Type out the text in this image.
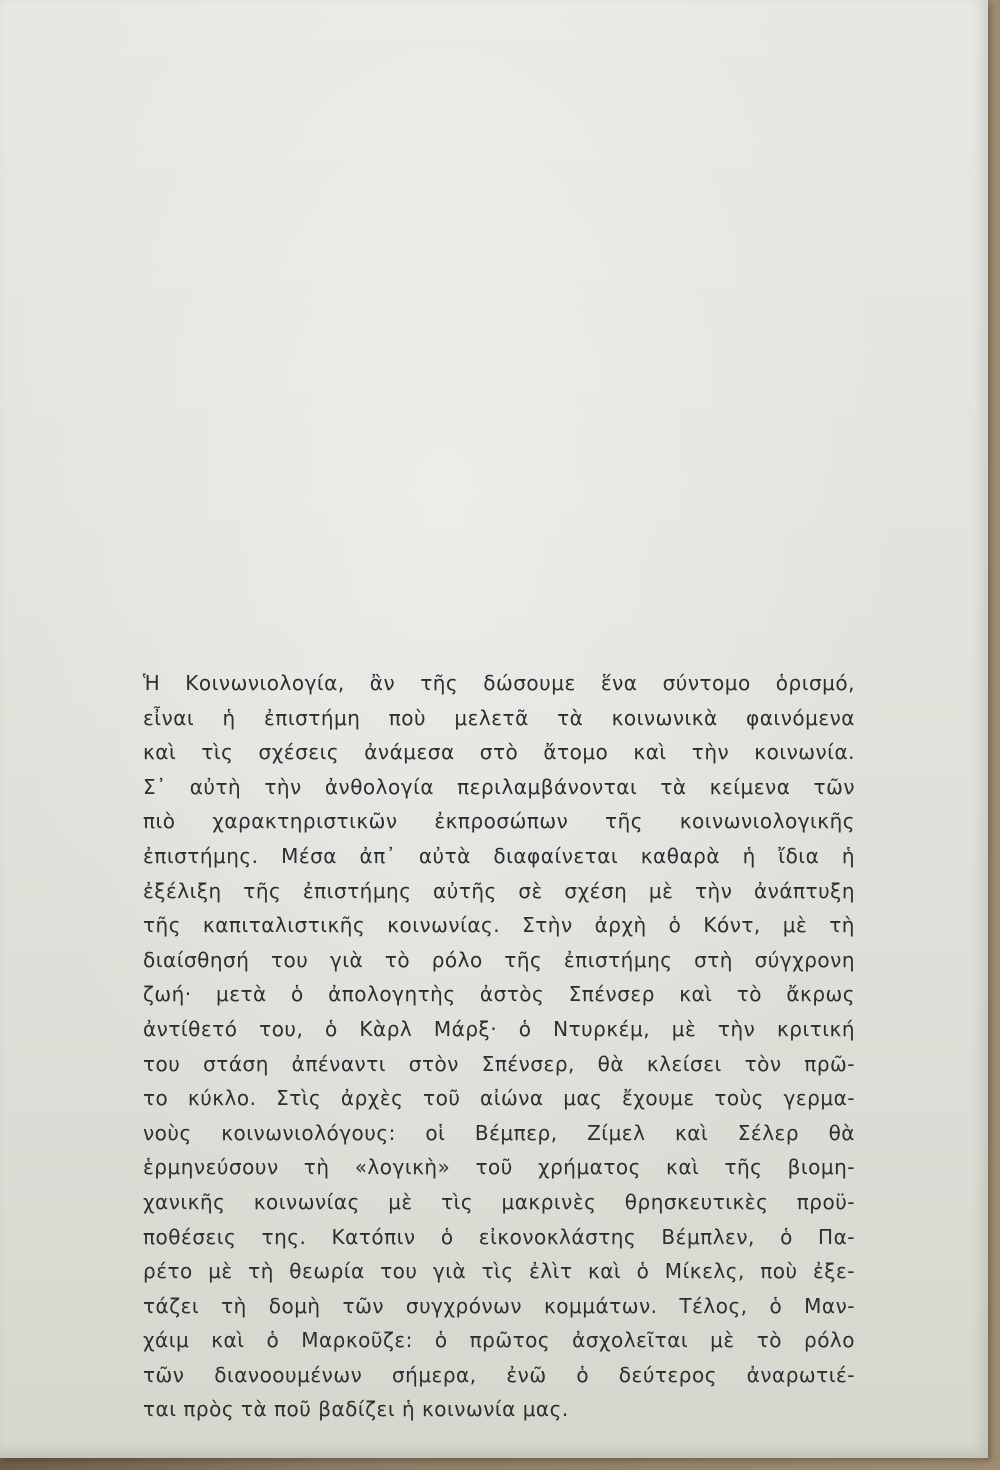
Ἡ Κοινωνιολογία, ἂν τῆς δώσουμε ἕνα σύντομο ὁρισμό,
εἶναι ἡ ἐπιστήμη ποὺ μελετᾶ τὰ κοινωνικὰ φαινόμενα
καὶ τὶς σχέσεις ἀνάμεσα στὸ ἄτομο καὶ τὴν κοινωνία.
Σ᾽ αὐτὴ τὴν ἀνθολογία περιλαμβάνονται τὰ κείμενα τῶν
πιὸ χαρακτηριστικῶν ἐκπροσώπων τῆς κοινωνιολογικῆς
ἐπιστήμης. Μέσα ἀπ᾽ αὐτὰ διαφαίνεται καθαρὰ ἡ ἴδια ἡ
ἐξέλιξη τῆς ἐπιστήμης αὐτῆς σὲ σχέση μὲ τὴν ἀνάπτυξη
τῆς καπιταλιστικῆς κοινωνίας. Στὴν ἀρχὴ ὁ Κόντ, μὲ τὴ
διαίσθησή του γιὰ τὸ ρόλο τῆς ἐπιστήμης στὴ σύγχρονη
ζωή· μετὰ ὁ ἀπολογητὴς ἀστὸς Σπένσερ καὶ τὸ ἄκρως
ἀντίθετό του, ὁ Κὰρλ Μάρξ· ὁ Ντυρκέμ, μὲ τὴν κριτική
του στάση ἀπέναντι στὸν Σπένσερ, θὰ κλείσει τὸν πρῶ-
το κύκλο. Στὶς ἀρχὲς τοῦ αἰώνα μας ἔχουμε τοὺς γερμα-
νοὺς κοινωνιολόγους: οἱ Βέμπερ, Ζίμελ καὶ Σέλερ θὰ
ἑρμηνεύσουν τὴ «λογικὴ» τοῦ χρήματος καὶ τῆς βιομη-
χανικῆς κοινωνίας μὲ τὶς μακρινὲς θρησκευτικὲς προϋ-
ποθέσεις της. Κατόπιν ὁ εἰκονοκλάστης Βέμπλεν, ὁ Πα-
ρέτο μὲ τὴ θεωρία του γιὰ τὶς ἐλὶτ καὶ ὁ Μίκελς, ποὺ ἐξε-
τάζει τὴ δομὴ τῶν συγχρόνων κομμάτων. Τέλος, ὁ Μαν-
χάιμ καὶ ὁ Μαρκοῦζε: ὁ πρῶτος ἀσχολεῖται μὲ τὸ ρόλο
τῶν διανοουμένων σήμερα, ἐνῶ ὁ δεύτερος ἀναρωτιέ-
ται πρὸς τὰ ποῦ βαδίζει ἡ κοινωνία μας.
